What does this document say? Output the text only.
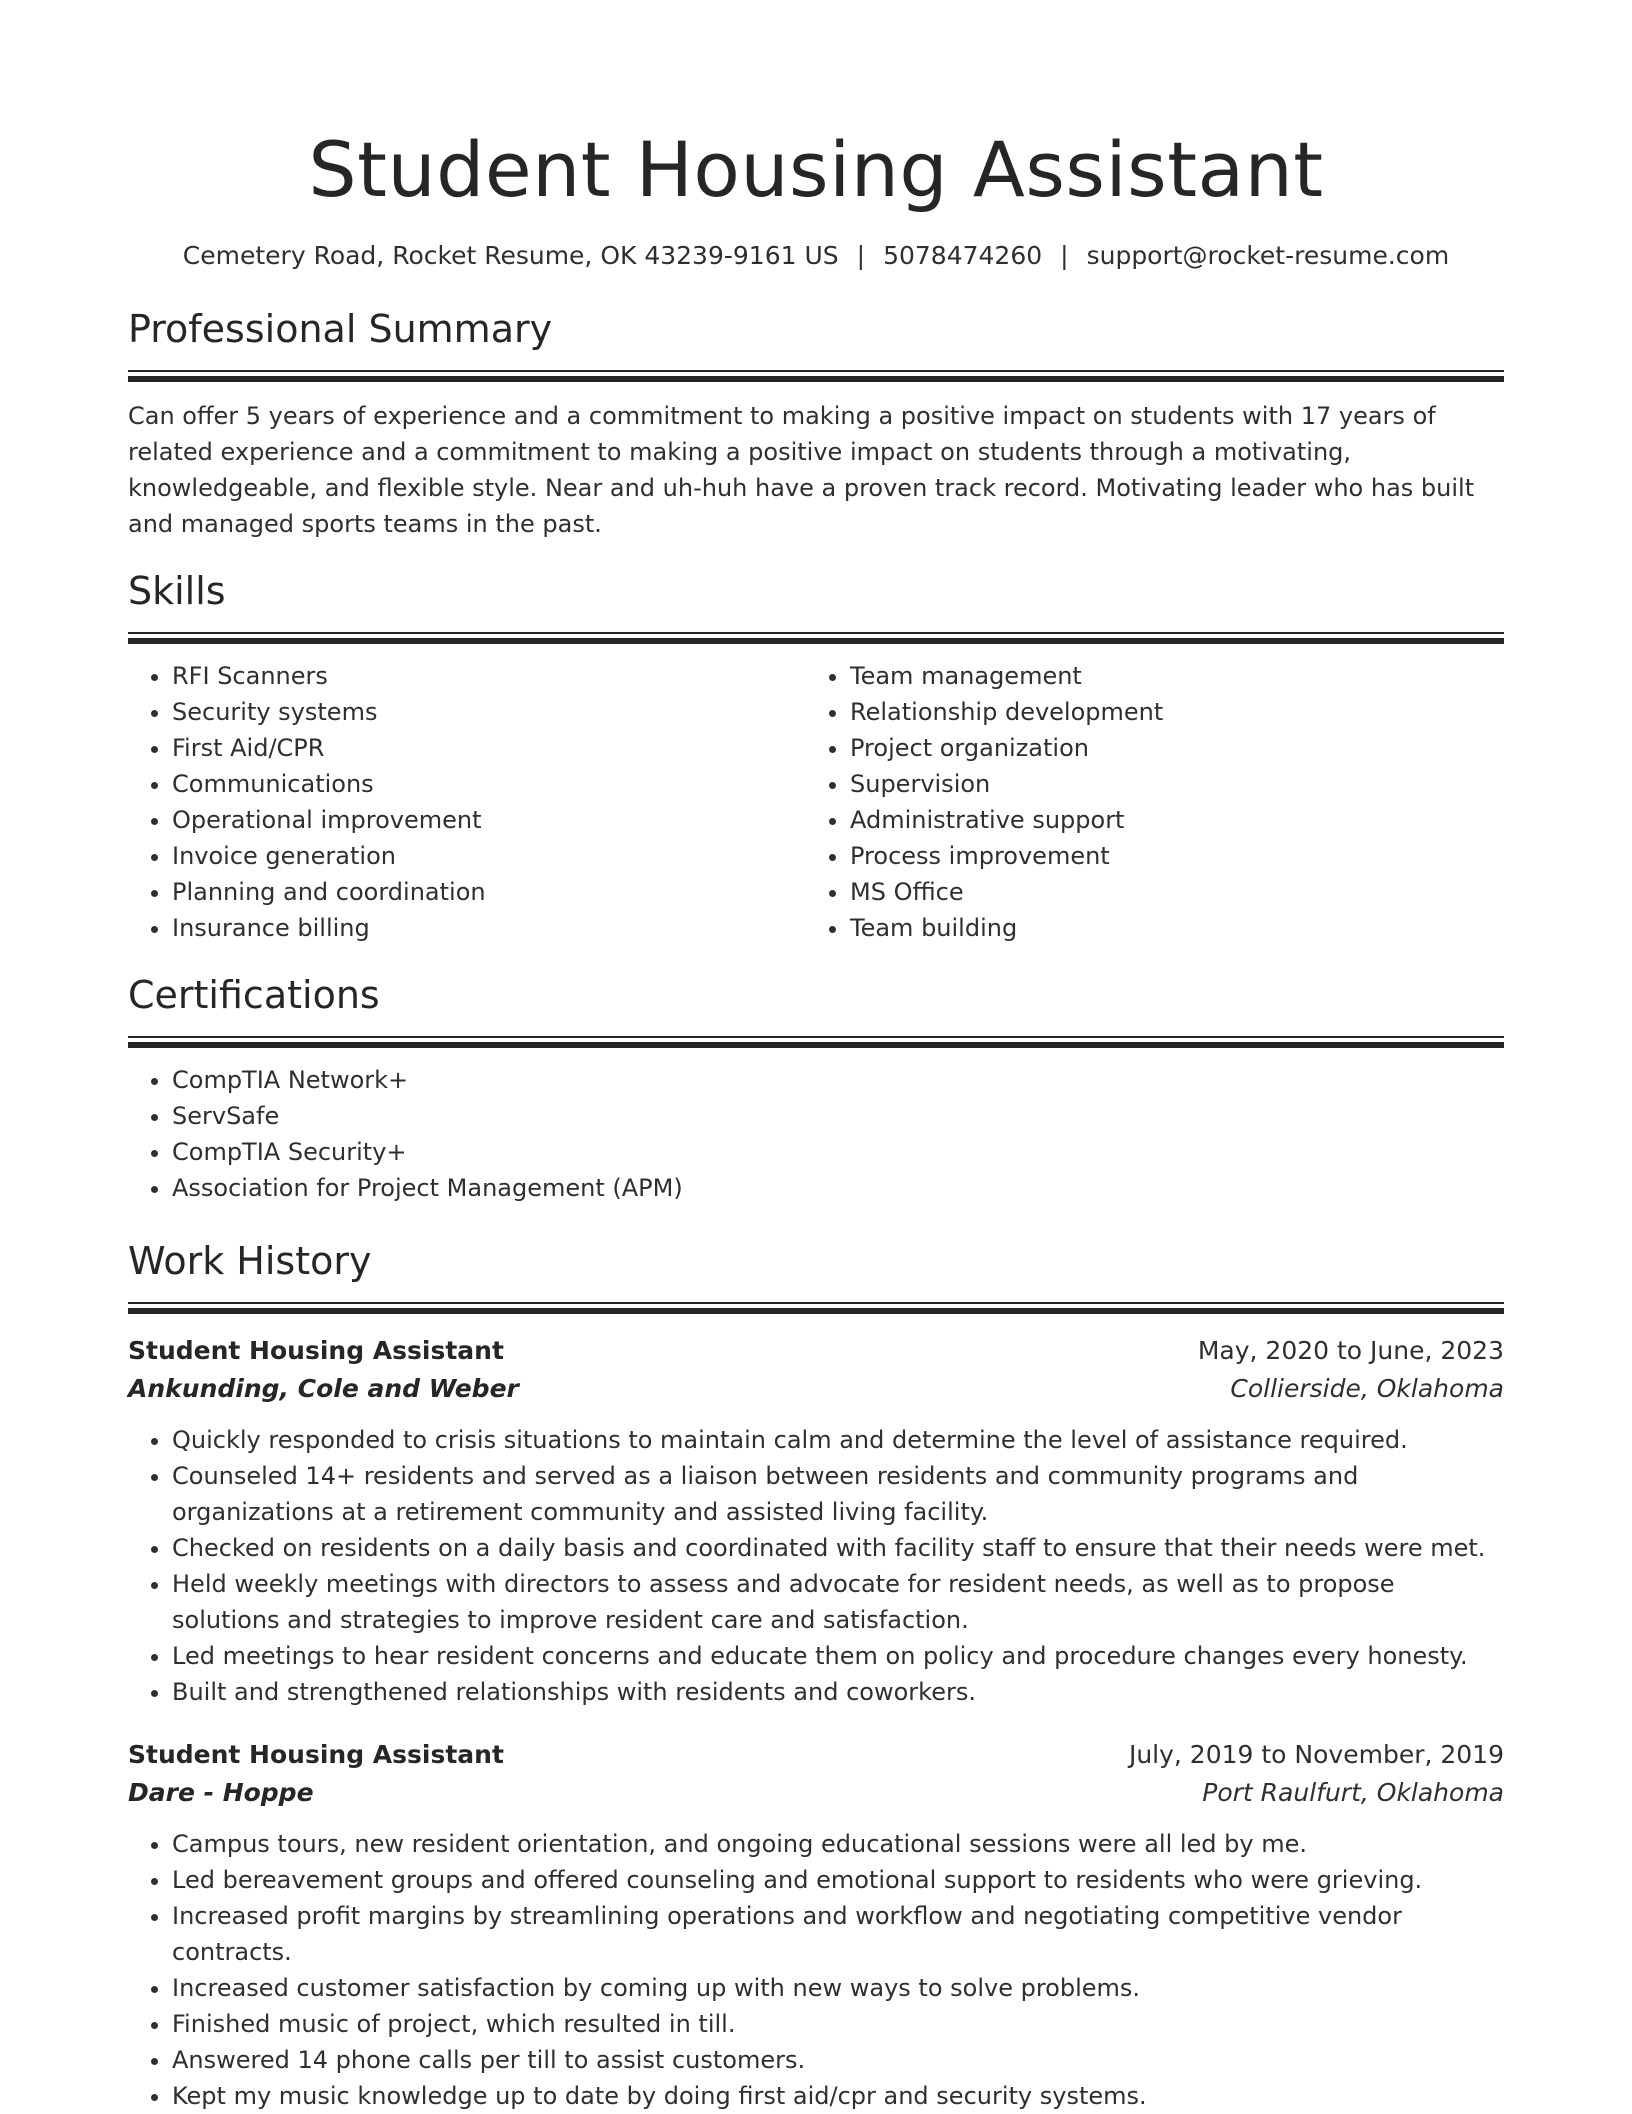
Student Housing Assistant
Cemetery Road, Rocket Resume, OK 43239-9161 US | 5078474260 | support@rocket-resume.com
Professional Summary

Can offer 5 years of experience and a commitment to making a positive impact on students with 17 years of related experience and a commitment to making a positive impact on students through a motivating, knowledgeable, and flexible style. Near and uh-huh have a proven track record. Motivating leader who has built and managed sports teams in the past.

Skills
• RFI Scanners
• Security systems
• First Aid/CPR
• Communications
• Operational improvement
• Invoice generation
• Planning and coordination
• Insurance billing
• Team management
• Relationship development
• Project organization
• Supervision
• Administrative support
• Process improvement
• MS Office
• Team building
Certifications
• CompTIA Network+
• ServSafe
• CompTIA Security+
• Association for Project Management (APM)
Work History
Student Housing Assistant	May, 2020 to June, 2023
Ankunding, Cole and Weber	Collierside, Oklahoma
• Quickly responded to crisis situations to maintain calm and determine the level of assistance required.
• Counseled 14+ residents and served as a liaison between residents and community programs and organizations at a retirement community and assisted living facility.
• Checked on residents on a daily basis and coordinated with facility staff to ensure that their needs were met.
• Held weekly meetings with directors to assess and advocate for resident needs, as well as to propose solutions and strategies to improve resident care and satisfaction.
• Led meetings to hear resident concerns and educate them on policy and procedure changes every honesty.
• Built and strengthened relationships with residents and coworkers.
Student Housing Assistant	July, 2019 to November, 2019
Dare - Hoppe	Port Raulfurt, Oklahoma
• Campus tours, new resident orientation, and ongoing educational sessions were all led by me.
• Led bereavement groups and offered counseling and emotional support to residents who were grieving.
• Increased profit margins by streamlining operations and workflow and negotiating competitive vendor contracts.
• Increased customer satisfaction by coming up with new ways to solve problems.
• Finished music of project, which resulted in till.
• Answered 14 phone calls per till to assist customers.
• Kept my music knowledge up to date by doing first aid/cpr and security systems.
